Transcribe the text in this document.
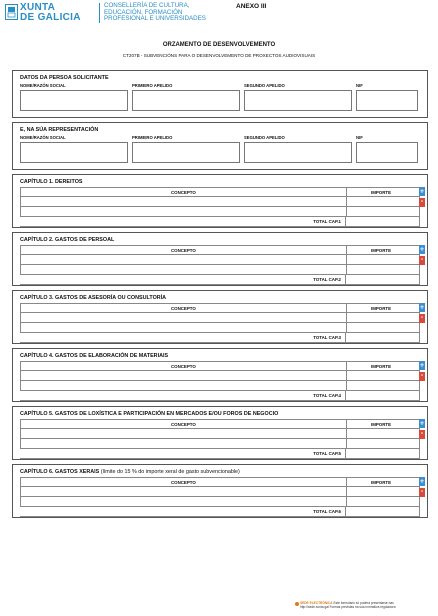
XUNTA
DE GALICIA
CONSELLERÍA DE CULTURA,
EDUCACIÓN, FORMACIÓN
PROFESIONAL E UNIVERSIDADES
ANEXO III
ORZAMENTO DE DESENVOLVEMENTO
CT207B - SUBVENCIÓNS PARA O DESENVOLVEMENTO DE PROXECTOS AUDIOVISUAIS
DATOS DA PERSOA SOLICITANTE
NOME/RAZÓN SOCIAL	PRIMEIRO APELIDO	SEGUNDO APELIDO	NIF
E, NA SÚA REPRESENTACIÓN
NOME/RAZÓN SOCIAL	PRIMEIRO APELIDO	SEGUNDO APELIDO	NIF
CAPÍTULO 1. DEREITOS
CONCEPTO	IMPORTE
TOTAL CAP.1
+
-
CAPÍTULO 2. GASTOS DE PERSOAL
CONCEPTO	IMPORTE
TOTAL CAP.2
+
-
CAPÍTULO 3. GASTOS DE ASESORÍA OU CONSULTORÍA
CONCEPTO	IMPORTE
TOTAL CAP.3
+
-
CAPÍTULO 4. GASTOS DE ELABORACIÓN DE MATERIAIS
CONCEPTO	IMPORTE
TOTAL CAP.4
+
-
CAPÍTULO 5. GASTOS DE LOXÍSTICA E PARTICIPACIÓN EN MERCADOS E/OU FOROS DE NEGOCIO
CONCEPTO	IMPORTE
TOTAL CAP.5
+
-
CAPÍTULO 6. GASTOS XERAIS (límite do 15 % do importe xeral de gasto subvencionable)
CONCEPTO	IMPORTE
TOTAL CAP.6
+
-
SEDE ELECTRÓNICA Este formulario só poderá presentarse nas
http://sede.xunta.gal Formas previstas na súa normativa reguladora
